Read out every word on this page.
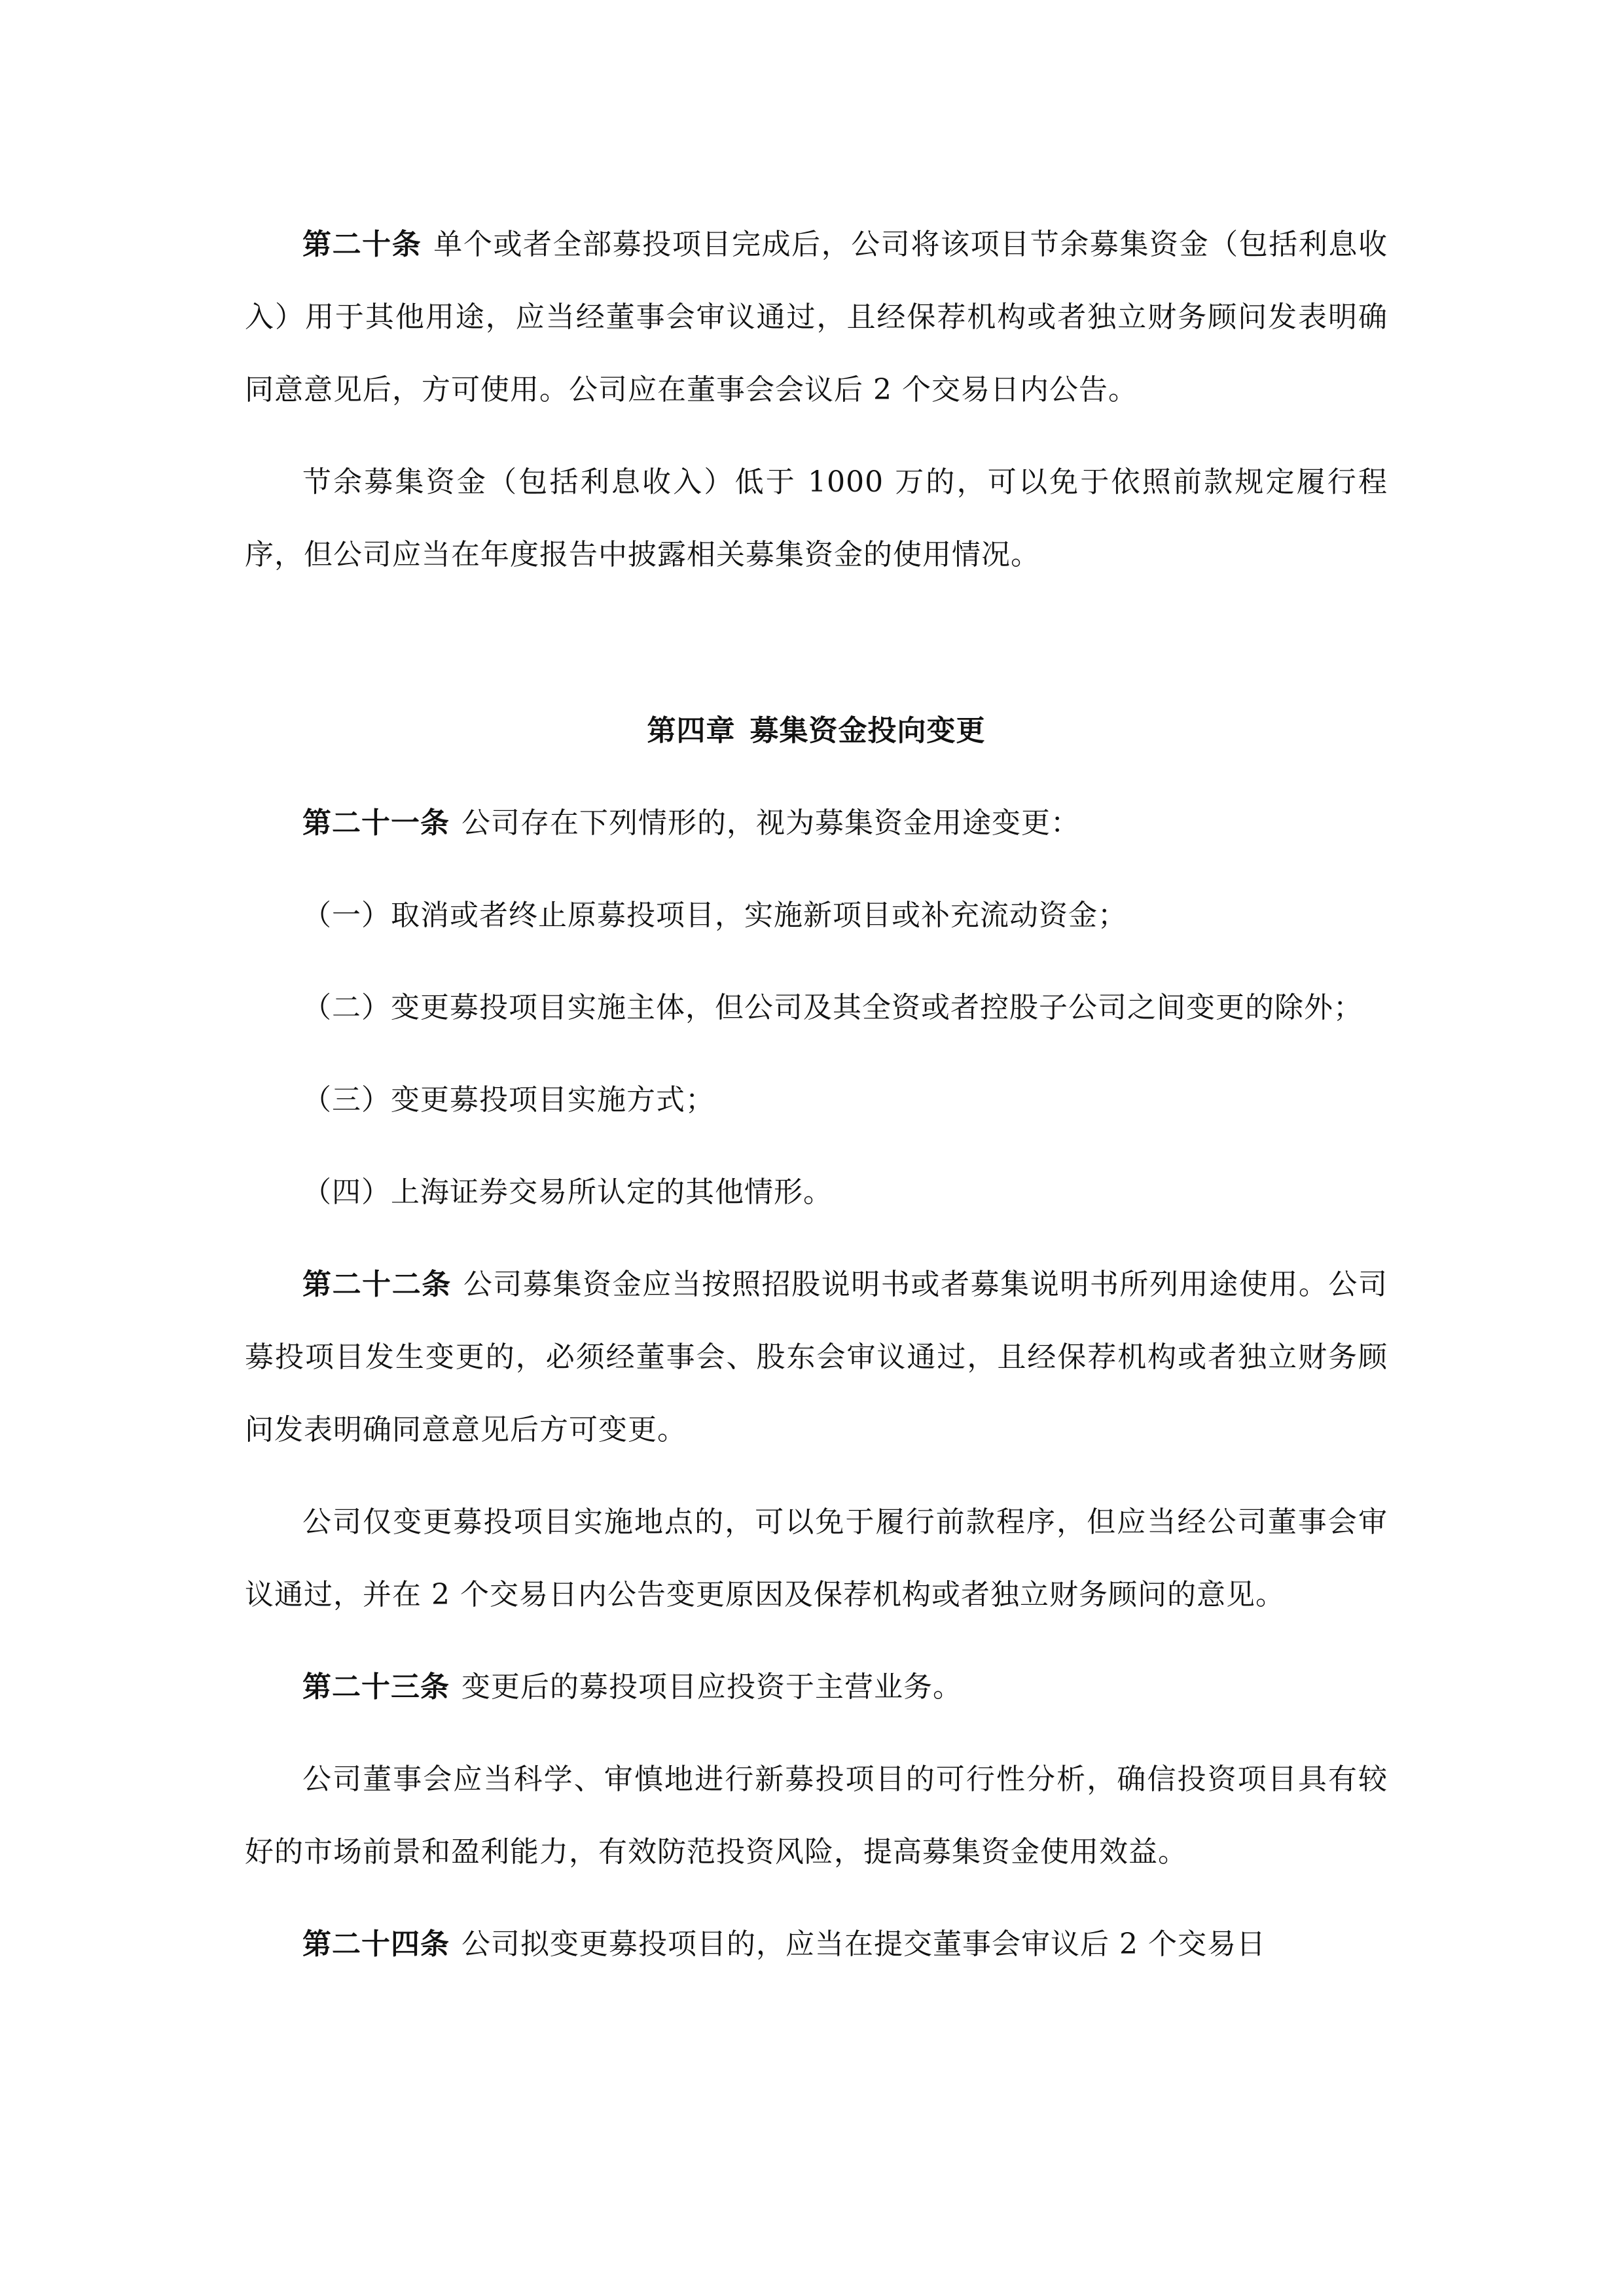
第二十条 单个或者全部募投项目完成后，公司将该项目节余募集资金（包括利息收入）用于其他用途，应当经董事会审议通过，且经保荐机构或者独立财务顾问发表明确同意意见后，方可使用。公司应在董事会会议后 2 个交易日内公告。

节余募集资金（包括利息收入）低于 1000 万的，可以免于依照前款规定履行程序，但公司应当在年度报告中披露相关募集资金的使用情况。

第四章 募集资金投向变更

第二十一条 公司存在下列情形的，视为募集资金用途变更：

（一）取消或者终止原募投项目，实施新项目或补充流动资金；

（二）变更募投项目实施主体，但公司及其全资或者控股子公司之间变更的除外；

（三）变更募投项目实施方式；

（四）上海证券交易所认定的其他情形。

第二十二条 公司募集资金应当按照招股说明书或者募集说明书所列用途使用。公司募投项目发生变更的，必须经董事会、股东会审议通过，且经保荐机构或者独立财务顾问发表明确同意意见后方可变更。

公司仅变更募投项目实施地点的，可以免于履行前款程序，但应当经公司董事会审议通过，并在 2 个交易日内公告变更原因及保荐机构或者独立财务顾问的意见。

第二十三条 变更后的募投项目应投资于主营业务。

公司董事会应当科学、审慎地进行新募投项目的可行性分析，确信投资项目具有较好的市场前景和盈利能力，有效防范投资风险，提高募集资金使用效益。

第二十四条 公司拟变更募投项目的，应当在提交董事会审议后 2 个交易日
